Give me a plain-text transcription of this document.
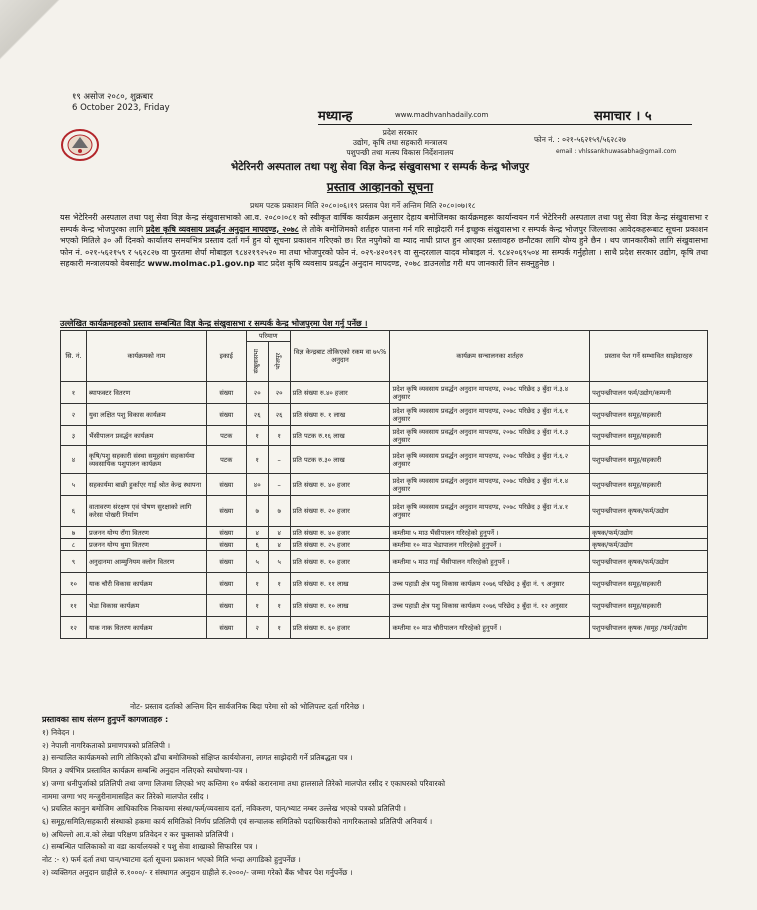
१९ असोज २०८०, शुक्रबार
6 October 2023, Friday
मध्यान्ह	www.madhvanhadaily.com	समाचार । ५
प्रदेश सरकार
उद्योग, कृषि तथा सहकारी मन्त्रालय
पशुपन्छी तथा मत्स्य विकास निर्देशनालय
फोन नं. : ०२१-५६२१५९/५६२८२७
email : vhlssankhuwasabha@gmail.com
भेटेरिनरी अस्पताल तथा पशु सेवा विज्ञ केन्द्र संखुवासभा र सम्पर्क केन्द्र भोजपुर
प्रस्ताव आव्हानको सूचना
प्रथम पटक प्रकाशन मिति २०८०।०६।१९ प्रस्ताव पेश गर्ने अन्तिम मिति २०८०।०७।१८
यस भेटेरिनरी अस्पताल तथा पशु सेवा विज्ञ केन्द्र संखुवासभाको आ.व. २०८०।०८१ को स्वीकृत वार्षिक कार्यक्रम अनुसार देहाय बमोजिमका कार्यक्रमहरू कार्यान्वयन गर्न भेटेरिनरी अस्पताल तथा पशु सेवा विज्ञ केन्द्र संखुवासभा र सम्पर्क केन्द्र भोजपुरका लागि प्रदेश कृषि व्यवसाय प्रवर्द्धन अनुदान मापदण्ड, २०७८ ले तोके बमोजिमको शर्तहरु पालना गर्न गरि साझेदारी गर्न इच्छुक संखुवासभा र सम्पर्क केन्द्र भोजपुर जिल्लाका आवेदकहरूबाट सूचना प्रकाशन भएको मितिले ३० औं दिनको कार्यालय समयभित्र प्रस्ताव दर्ता गर्न हुन यो सूचना प्रकाशन गरिएको छ। रित नपुगेको वा म्याद नाघी प्राप्त हुन आएका प्रस्तावहरु छनौटका लागि योग्य हुने छैन । थप जानकारीको लागि संखुवासभा फोन नं. ०२१-५६२१५९ र ५६२८२७ वा फुरतमा शेर्पा मोबाइल ९८४२१९२५२० मा तथा भोजपुरको फोन नं. ०२९-४२०९२९ वा सुन्दरलाल यादव मोबाइल नं. ९८४२०६९५०४ मा सम्पर्क गर्नुहोला । साथै प्रदेश सरकार उद्योग, कृषि तथा सहकारी मन्त्रालयको वेबसाईट www.molmac.p1.gov.np बाट प्रदेश कृषि व्यवसाय प्रवर्द्धन अनुदान मापदण्ड, २०७८ डाउनलोड गरी थप जानकारी लिन सक्नुहुनेछ ।
उल्लेखित कार्यक्रमहरुको प्रस्ताव सम्बन्धित विज्ञ केन्द्र संखुवासभा र सम्पर्क केन्द्र भोजपुरमा पेश गर्नु पर्नेछ ।
सि. नं.	कार्यक्रमको नाम	इकाई	परिमाण		विज्ञ केन्द्रबाट तोकिएको रकम वा ७५% अनुदान	कार्यक्रम सन्चालनका शर्तहरु	प्रस्ताव पेश गर्ने सम्भावित साझेदारहरु

			संखुवासभा	भोजपुर			

१	ब्याफक्टर वितरण	संख्या	२०	२०	प्रति संख्या रु.४० हजार	प्रदेश कृषि व्यवसाय प्रवर्द्धन अनुदान मापदण्ड, २०७८ परिछेद ३ बुँदा नं.३.४ अनुसार	पशुपन्छीपालन फर्म/उद्योग/कम्पनी
२	युवा लक्षित पशु विकास कार्यक्रम	संख्या	२६	२६	प्रति संख्या रु. १ लाख	प्रदेश कृषि व्यवसाय प्रवर्द्धन अनुदान मापदण्ड, २०७८ परिछेद ३ बुँदा नं.६.१ अनुसार	पशुपन्छीपालन समूह/सहकारी
३	भैंसीपालन प्रवर्द्धन कार्यक्रम	पटक	१	१	प्रति पटक रु.१६ लाख	प्रदेश कृषि व्यवसाय प्रवर्द्धन अनुदान मापदण्ड, २०७८ परिछेद ३ बुँदा नं.१.३ अनुसार	पशुपन्छीपालन समूह/सहकारी
४	कृषि/पशु सहकारी संस्था समूहसंग सहकार्यमा व्यवसायिक पशुपालन कार्यक्रम	पटक	१	–	प्रति पटक रु.३० लाख	प्रदेश कृषि व्यवसाय प्रवर्द्धन अनुदान मापदण्ड, २०७८ परिछेद ३ बुँदा नं.६.२ अनुसार	पशुपन्छीपालन समूह/सहकारी
५	सहकार्यमा बाछी हुर्काएर गाई श्रोत केन्द्र स्थापना	संख्या	४०	–	प्रति संख्या रु. ४० हजार	प्रदेश कृषि व्यवसाय प्रवर्द्धन अनुदान मापदण्ड, २०७८ परिछेद ३ बुँदा नं.१.४ अनुसार	पशुपन्छीपालन समूह/सहकारी
६	वातावरण संरक्षण एवं पोषण सुरक्षाको लागि करेसा पोखरी निर्माण	संख्या	७	७	प्रति संख्या रु. २० हजार	प्रदेश कृषि व्यवसाय प्रवर्द्धन अनुदान मापदण्ड, २०७८ परिछेद ३ बुँदा नं.४.१ अनुसार	पशुपन्छीपालन कृषक/फर्म/उद्योग
७	प्रजनन योग्य राँगा वितरण	संख्या	४	४	प्रति संख्या रु. ४० हजार	कम्तीमा ५ माउ भैंसीपालन गरिरहेको हुनुपर्ने ।	कृषक/फर्म/उद्योग
८	प्रजनन योग्य थुमा वितरण	संख्या	६	४	प्रति संख्या रु. २५ हजार	कम्तीमा १० माउ भेडापालन गरिरहेको हुनुपर्ने ।	कृषक/फर्म/उद्योग
९	अनुदानमा आम्मुनियम क्लोन वितरण	संख्या	५	५	प्रति संख्या रु. १० हजार	कम्तीमा ५ माउ गाई भैंसीपालन गरिरहेको हुनुपर्ने ।	पशुपन्छीपालन कृषक/फर्म/उद्योग
१०	याक चौरी विकास कार्यक्रम	संख्या	१	१	प्रति संख्या रु. ११ लाख	उच्च पहाडी क्षेत्र पशु विकास कार्यक्रम २०७६ परिछेद ३ बुँदा नं. ९ अनुसार	पशुपन्छीपालन समूह/सहकारी
११	भेडा विकास कार्यक्रम	संख्या	१	१	प्रति संख्या रु. १० लाख	उच्च पहाडी क्षेत्र पशु विकास कार्यक्रम २०७६ परिछेद ३ बुँदा नं. १२ अनुसार	पशुपन्छीपालन समूह/सहकारी
१२	याक नाक वितरण कार्यक्रम	संख्या	२	१	प्रति संख्या रु. ६० हजार	कम्तीमा १० माउ चौरीपालन गरिरहेको हुनुपर्ने ।	पशुपन्छीपालन कृषक /समूह /फर्म/उद्योग
नोट- प्रस्ताव दर्ताको अन्तिम दिन सार्वजनिक बिदा परेमा सो को भोलिपल्ट दर्ता गरिनेछ ।
प्रस्तावका साथ संलग्न हुनुपर्ने कागजातहरु :
१) निवेदन ।
२) नेपाली नागरिकताको प्रमाणपत्रको प्रतिलिपी ।
३) सन्चालित कार्यक्रमको लागि तोकिएको ढाँचा बमोजिमको संक्षिप्त कार्ययोजना, लागत साझेदारी गर्ने प्रतिबद्धता पत्र ।
विगत ३ वर्षभित्र प्रस्तावित कार्यक्रम सम्बन्धि अनुदान नलिएको स्वघोषणा-पत्र ।
४) जग्गा धनीपुर्जाको प्रतिलिपी तथा जग्गा लिजमा लिएको भए कम्तिमा १० वर्षको करारनामा तथा हालसाले तिरेको मालपोत रसीद र एकाघरको परिवारको
नाममा जग्गा भए मन्जुरीनामासहित कर तिरेको मालपोत रसीद ।
५) प्रचलित कानुन बमोजिम आधिकारिक निकायमा संस्था/फर्म/व्यवसाय दर्ता, नविकरण, पान/भ्याट नम्बर उल्लेख भएको पत्रको प्रतिलिपी ।
६) समूह/समिति/सहकारी संस्थाको हकमा कार्य समितिको निर्णय प्रतिलिपी एवं सन्चालक समितिको पदाधिकारीको नागरिकताको प्रतिलिपी अनिवार्य ।
७) अघिल्लो आ.व.को लेखा परिक्षण प्रतिवेदन र कर चुक्ताको प्रतिलिपी ।
८) सम्बन्धित पालिकाको वा वडा कार्यालयको र पशु सेवा शाखाको सिफारिस पत्र ।
नोट :- १) फर्म दर्ता तथा पान/भ्याटमा दर्ता सूचना प्रकाशन भएको मिति भन्दा अगाडिको हुनुपर्नेछ ।
२) व्यक्तिगत अनुदान ग्राहीले रु.१०००/- र संस्थागत अनुदान ग्राहीले रु.२०००/- जम्मा गरेको बैंक भौचर पेश गर्नुपर्नेछ ।
